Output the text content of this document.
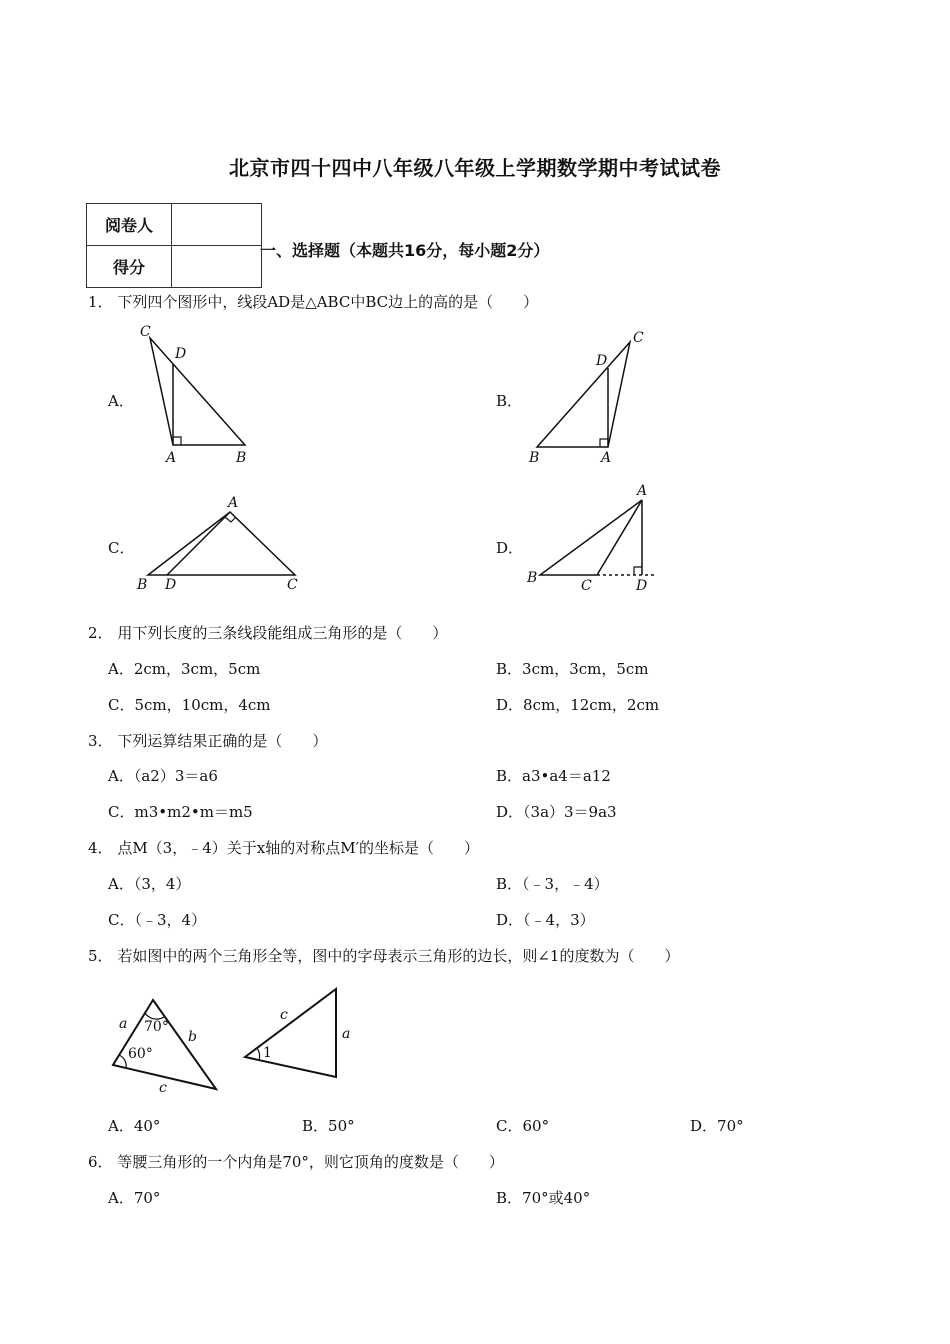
北京市四十四中八年级八年级上学期数学期中考试试卷
阅卷人	
得分	
一、选择题（本题共16分，每小题2分）
1． 下列四个图形中，线段AD是△ABC中BC边上的高的是（　　）
A．
C
D
A	B
B．
C
D
B	A
C．
A
B D	C
D．
A
B	C	D
2． 用下列长度的三条线段能组成三角形的是（　　）
A．2cm，3cm，5cm	B．3cm，3cm，5cm
C．5cm，10cm，4cm	D．8cm，12cm，2cm
3． 下列运算结果正确的是（　　）
A．（a2）3＝a6	B．a3•a4＝a12
C．m3•m2•m＝m5	D．（3a）3＝9a3
4． 点M（3，﹣4）关于x轴的对称点M′的坐标是（　　）
A．（3，4）	B．（﹣3，﹣4）
C．（﹣3，4）	D．（﹣4，3）
5． 若如图中的两个三角形全等，图中的字母表示三角形的边长，则∠1的度数为（　　）
a 70°
b
60°
c
c
a
1
A．40°	B．50°	C．60°	D．70°
6． 等腰三角形的一个内角是70°，则它顶角的度数是（　　）
A．70°	B．70°或40°
